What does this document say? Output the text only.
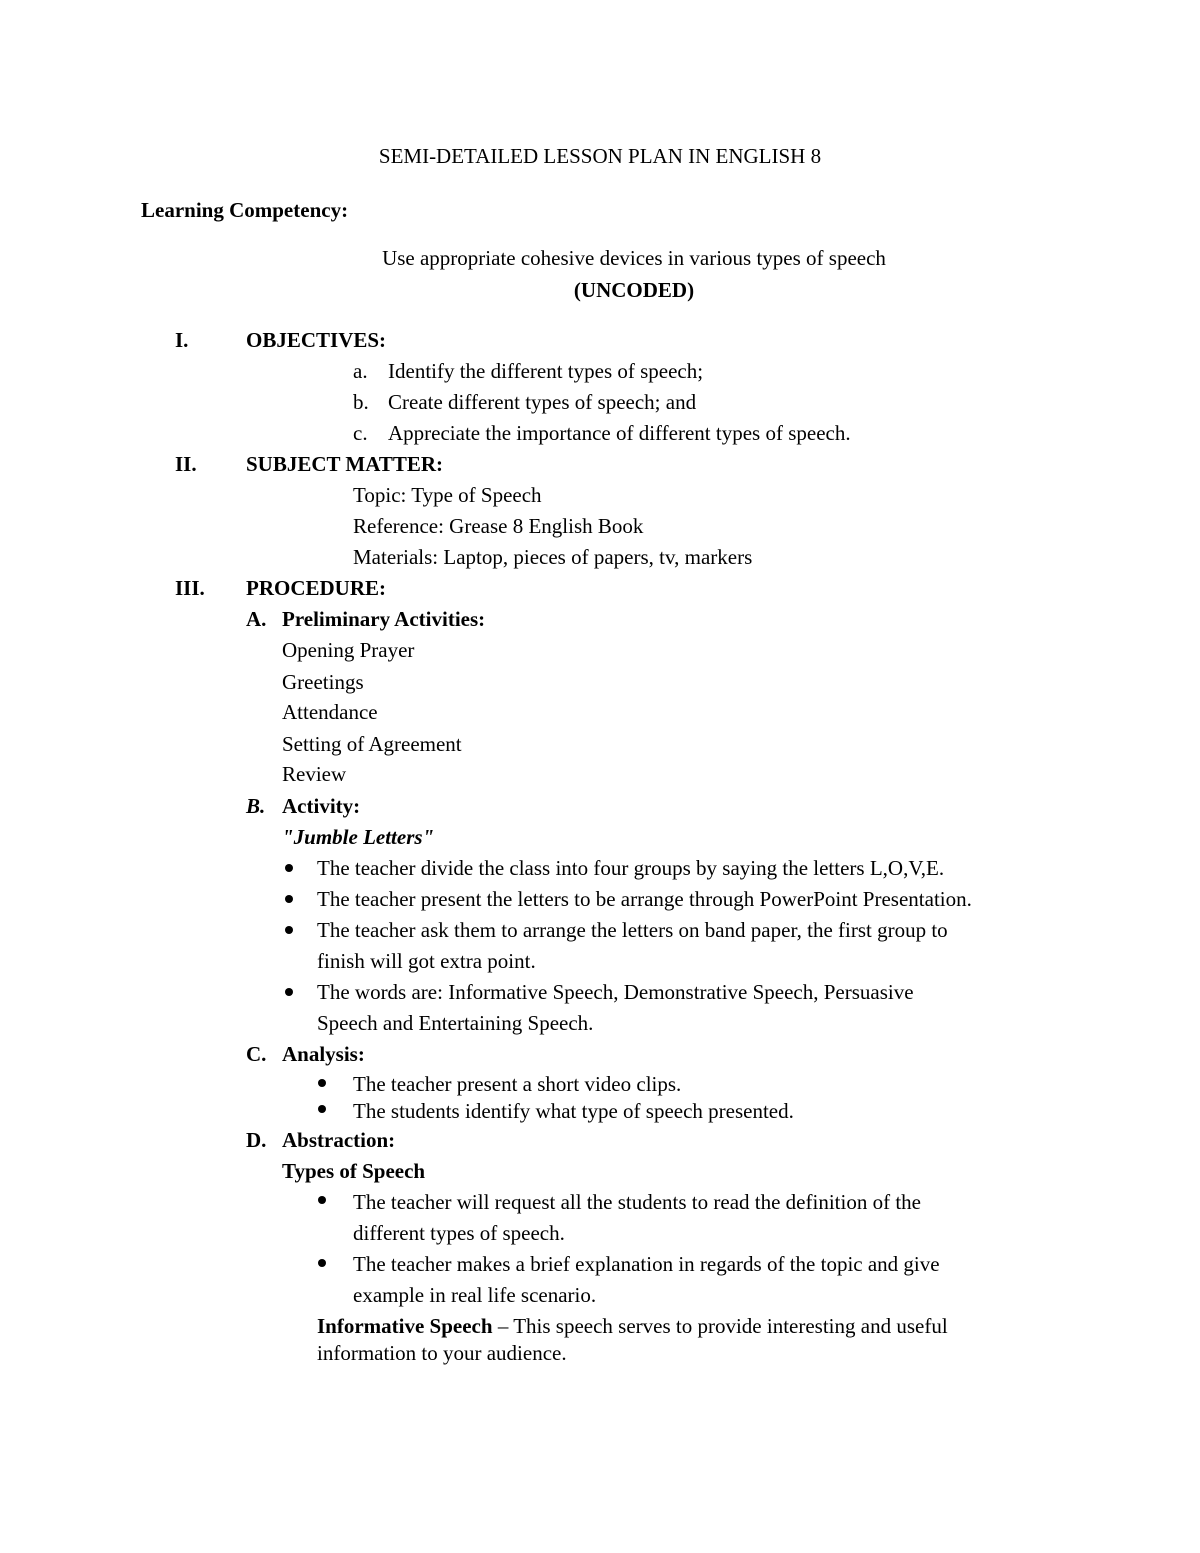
SEMI-DETAILED LESSON PLAN IN ENGLISH 8
Learning Competency:
Use appropriate cohesive devices in various types of speech
(UNCODED)
I.	OBJECTIVES:
a. Identify the different types of speech;
b. Create different types of speech; and
c. Appreciate the importance of different types of speech.
II. SUBJECT MATTER:
Topic: Type of Speech
Reference: Grease 8 English Book
Materials: Laptop, pieces of papers, tv, markers
III. PROCEDURE:
A. Preliminary Activities:
Opening Prayer
Greetings
Attendance
Setting of Agreement
Review
B. Activity:
"Jumble Letters"
The teacher divide the class into four groups by saying the letters L,O,V,E.
The teacher present the letters to be arrange through PowerPoint Presentation.
The teacher ask them to arrange the letters on band paper, the first group to
finish will got extra point.
The words are: Informative Speech, Demonstrative Speech, Persuasive
Speech and Entertaining Speech.
C. Analysis:
The teacher present a short video clips.
The students identify what type of speech presented.
D. Abstraction:
Types of Speech
The teacher will request all the students to read the definition of the
different types of speech.
The teacher makes a brief explanation in regards of the topic and give
example in real life scenario.
Informative Speech – This speech serves to provide interesting and useful
information to your audience.
